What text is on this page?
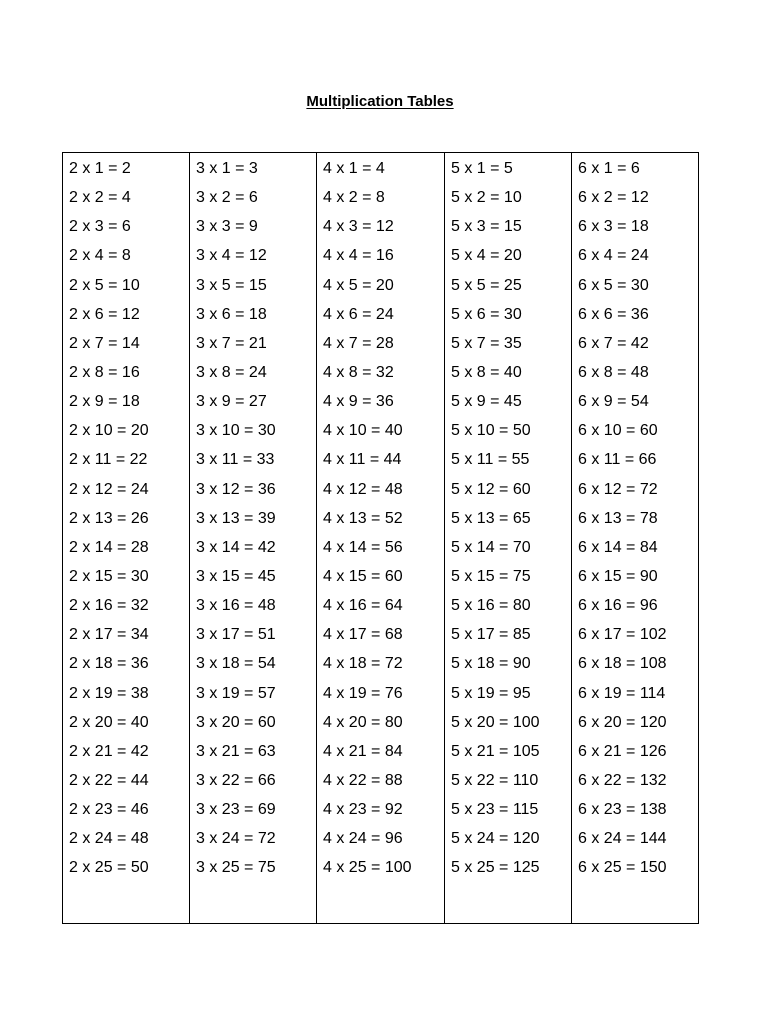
Multiplication Tables
2 x 1 = 2
2 x 2 = 4
2 x 3 = 6
2 x 4 = 8
2 x 5 = 10
2 x 6 = 12
2 x 7 = 14
2 x 8 = 16
2 x 9 = 18
2 x 10 = 20
2 x 11 = 22
2 x 12 = 24
2 x 13 = 26
2 x 14 = 28
2 x 15 = 30
2 x 16 = 32
2 x 17 = 34
2 x 18 = 36
2 x 19 = 38
2 x 20 = 40
2 x 21 = 42
2 x 22 = 44
2 x 23 = 46
2 x 24 = 48
2 x 25 = 50
3 x 1 = 3
3 x 2 = 6
3 x 3 = 9
3 x 4 = 12
3 x 5 = 15
3 x 6 = 18
3 x 7 = 21
3 x 8 = 24
3 x 9 = 27
3 x 10 = 30
3 x 11 = 33
3 x 12 = 36
3 x 13 = 39
3 x 14 = 42
3 x 15 = 45
3 x 16 = 48
3 x 17 = 51
3 x 18 = 54
3 x 19 = 57
3 x 20 = 60
3 x 21 = 63
3 x 22 = 66
3 x 23 = 69
3 x 24 = 72
3 x 25 = 75
4 x 1 = 4
4 x 2 = 8
4 x 3 = 12
4 x 4 = 16
4 x 5 = 20
4 x 6 = 24
4 x 7 = 28
4 x 8 = 32
4 x 9 = 36
4 x 10 = 40
4 x 11 = 44
4 x 12 = 48
4 x 13 = 52
4 x 14 = 56
4 x 15 = 60
4 x 16 = 64
4 x 17 = 68
4 x 18 = 72
4 x 19 = 76
4 x 20 = 80
4 x 21 = 84
4 x 22 = 88
4 x 23 = 92
4 x 24 = 96
4 x 25 = 100
5 x 1 = 5
5 x 2 = 10
5 x 3 = 15
5 x 4 = 20
5 x 5 = 25
5 x 6 = 30
5 x 7 = 35
5 x 8 = 40
5 x 9 = 45
5 x 10 = 50
5 x 11 = 55
5 x 12 = 60
5 x 13 = 65
5 x 14 = 70
5 x 15 = 75
5 x 16 = 80
5 x 17 = 85
5 x 18 = 90
5 x 19 = 95
5 x 20 = 100
5 x 21 = 105
5 x 22 = 110
5 x 23 = 115
5 x 24 = 120
5 x 25 = 125
6 x 1 = 6
6 x 2 = 12
6 x 3 = 18
6 x 4 = 24
6 x 5 = 30
6 x 6 = 36
6 x 7 = 42
6 x 8 = 48
6 x 9 = 54
6 x 10 = 60
6 x 11 = 66
6 x 12 = 72
6 x 13 = 78
6 x 14 = 84
6 x 15 = 90
6 x 16 = 96
6 x 17 = 102
6 x 18 = 108
6 x 19 = 114
6 x 20 = 120
6 x 21 = 126
6 x 22 = 132
6 x 23 = 138
6 x 24 = 144
6 x 25 = 150
